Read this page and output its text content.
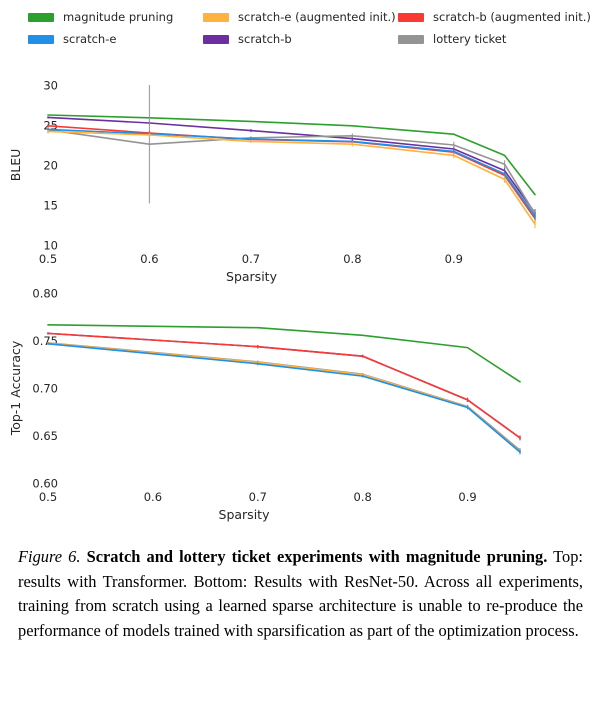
magnitude pruning	scratch-e (augmented init.)	scratch-b (augmented init.)
scratch-e	scratch-b	lottery ticket
10
15
20
25
30
0.5	0.6	0.7	0.8	0.9
Sparsity
BLEU
0.60
0.65
0.70
0.75
0.80
0.5	0.6	0.7	0.8	0.9
Sparsity
Top-1 Accuracy
Figure 6. Scratch and lottery ticket experiments with magnitude pruning. Top: results with Transformer. Bottom: Results with ResNet-50. Across all experiments, training from scratch using a learned sparse architecture is unable to re-produce the performance of models trained with sparsification as part of the optimization process.
